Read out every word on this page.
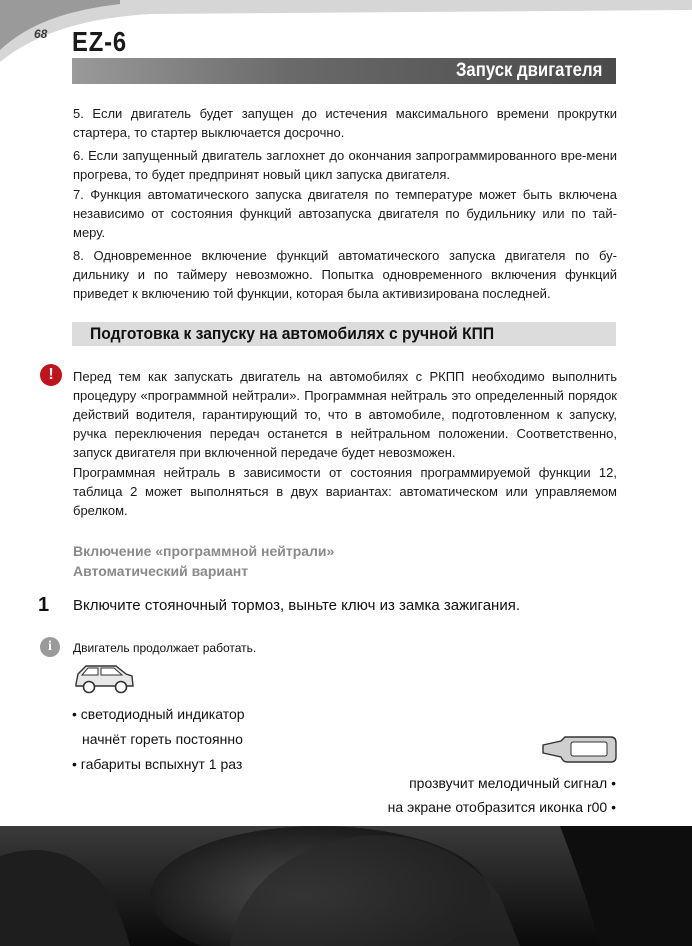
68 EZ-6
Запуск двигателя

5. Если двигатель будет запущен до истечения максимального времени прокрутки стартера, то стартер выключается досрочно.

6. Если запущенный двигатель заглохнет до окончания запрограммированного вре-мени прогрева, то будет предпринят новый цикл запуска двигателя.

7. Функция автоматического запуска двигателя по температуре может быть включена независимо от состояния функций автозапуска двигателя по будильнику или по тай-меру.

8. Одновременное включение функций автоматического запуска двигателя по бу-дильнику и по таймеру невозможно. Попытка одновременного включения функций приведет к включению той функции, которая была активизирована последней.

Подготовка к запуску на автомобилях с ручной КПП
!	Перед тем как запускать двигатель на автомобилях с РКПП необходимо выполнить процедуру «программной нейтрали». Программная нейтраль это определенный порядок действий водителя, гарантирующий то, что в автомобиле, подготовленном к запуску, ручка переключения передач останется в нейтральном положении. Соответственно, запуск двигателя при включенной передаче будет невозможен.

Программная нейтраль в зависимости от состояния программируемой функции 12, таблица 2 может выполняться в двух вариантах: автоматическом или управляемом брелком.

Включение «программной нейтрали»
Автоматический вариант
1 Включите стояночный тормоз, выньте ключ из замка зажигания.
i	Двигатель продолжает работать.
• светодиодный индикатор
начнёт гореть постоянно
• габариты вспыхнут 1 раз
прозвучит мелодичный сигнал •
на экране отобразится иконка r00 •
